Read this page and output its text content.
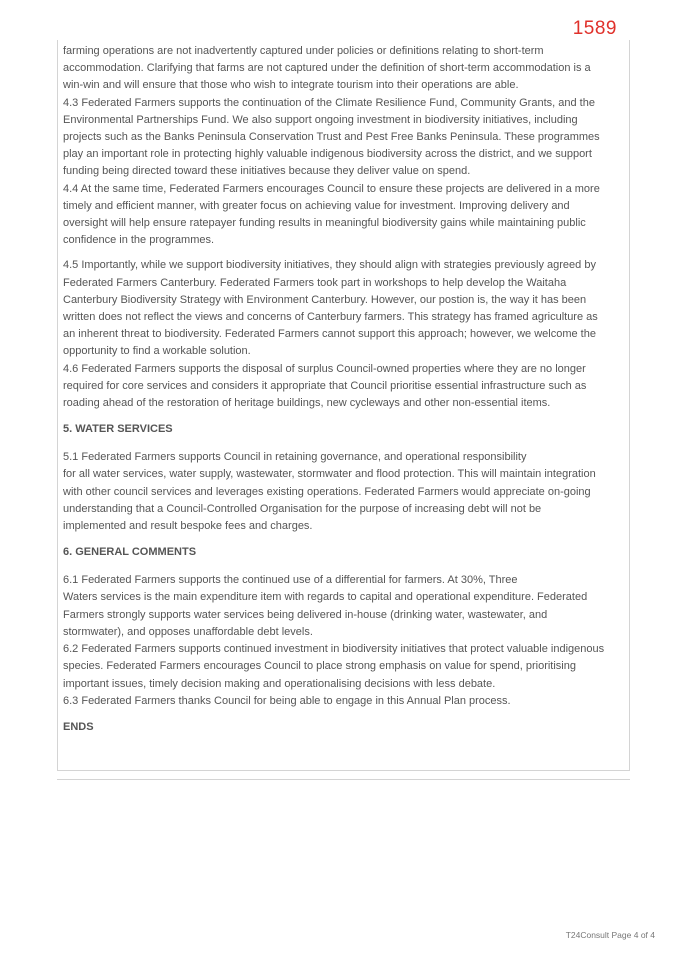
1589
farming operations are not inadvertently captured under policies or definitions relating to short-term
accommodation. Clarifying that farms are not captured under the definition of short-term accommodation is a
win-win and will ensure that those who wish to integrate tourism into their operations are able.
4.3 Federated Farmers supports the continuation of the Climate Resilience Fund, Community Grants, and the
Environmental Partnerships Fund. We also support ongoing investment in biodiversity initiatives, including
projects such as the Banks Peninsula Conservation Trust and Pest Free Banks Peninsula. These programmes
play an important role in protecting highly valuable indigenous biodiversity across the district, and we support
funding being directed toward these initiatives because they deliver value on spend.
4.4 At the same time, Federated Farmers encourages Council to ensure these projects are delivered in a more
timely and efficient manner, with greater focus on achieving value for investment. Improving delivery and
oversight will help ensure ratepayer funding results in meaningful biodiversity gains while maintaining public
confidence in the programmes.
4.5 Importantly, while we support biodiversity initiatives, they should align with strategies previously agreed by
Federated Farmers Canterbury. Federated Farmers took part in workshops to help develop the Waitaha
Canterbury Biodiversity Strategy with Environment Canterbury. However, our postion is, the way it has been
written does not reflect the views and concerns of Canterbury farmers. This strategy has framed agriculture as
an inherent threat to biodiversity. Federated Farmers cannot support this approach; however, we welcome the
opportunity to find a workable solution.
4.6 Federated Farmers supports the disposal of surplus Council-owned properties where they are no longer
required for core services and considers it appropriate that Council prioritise essential infrastructure such as
roading ahead of the restoration of heritage buildings, new cycleways and other non-essential items.
5. WATER SERVICES
5.1 Federated Farmers supports Council in retaining governance, and operational responsibility
for all water services, water supply, wastewater, stormwater and flood protection. This will maintain integration
with other council services and leverages existing operations. Federated Farmers would appreciate on-going
understanding that a Council-Controlled Organisation for the purpose of increasing debt will not be
implemented and result bespoke fees and charges.
6. GENERAL COMMENTS
6.1 Federated Farmers supports the continued use of a differential for farmers. At 30%, Three
Waters services is the main expenditure item with regards to capital and operational expenditure. Federated
Farmers strongly supports water services being delivered in-house (drinking water, wastewater, and
stormwater), and opposes unaffordable debt levels.
6.2 Federated Farmers supports continued investment in biodiversity initiatives that protect valuable indigenous
species. Federated Farmers encourages Council to place strong emphasis on value for spend, prioritising
important issues, timely decision making and operationalising decisions with less debate.
6.3 Federated Farmers thanks Council for being able to engage in this Annual Plan process.
ENDS
T24Consult Page 4 of 4
